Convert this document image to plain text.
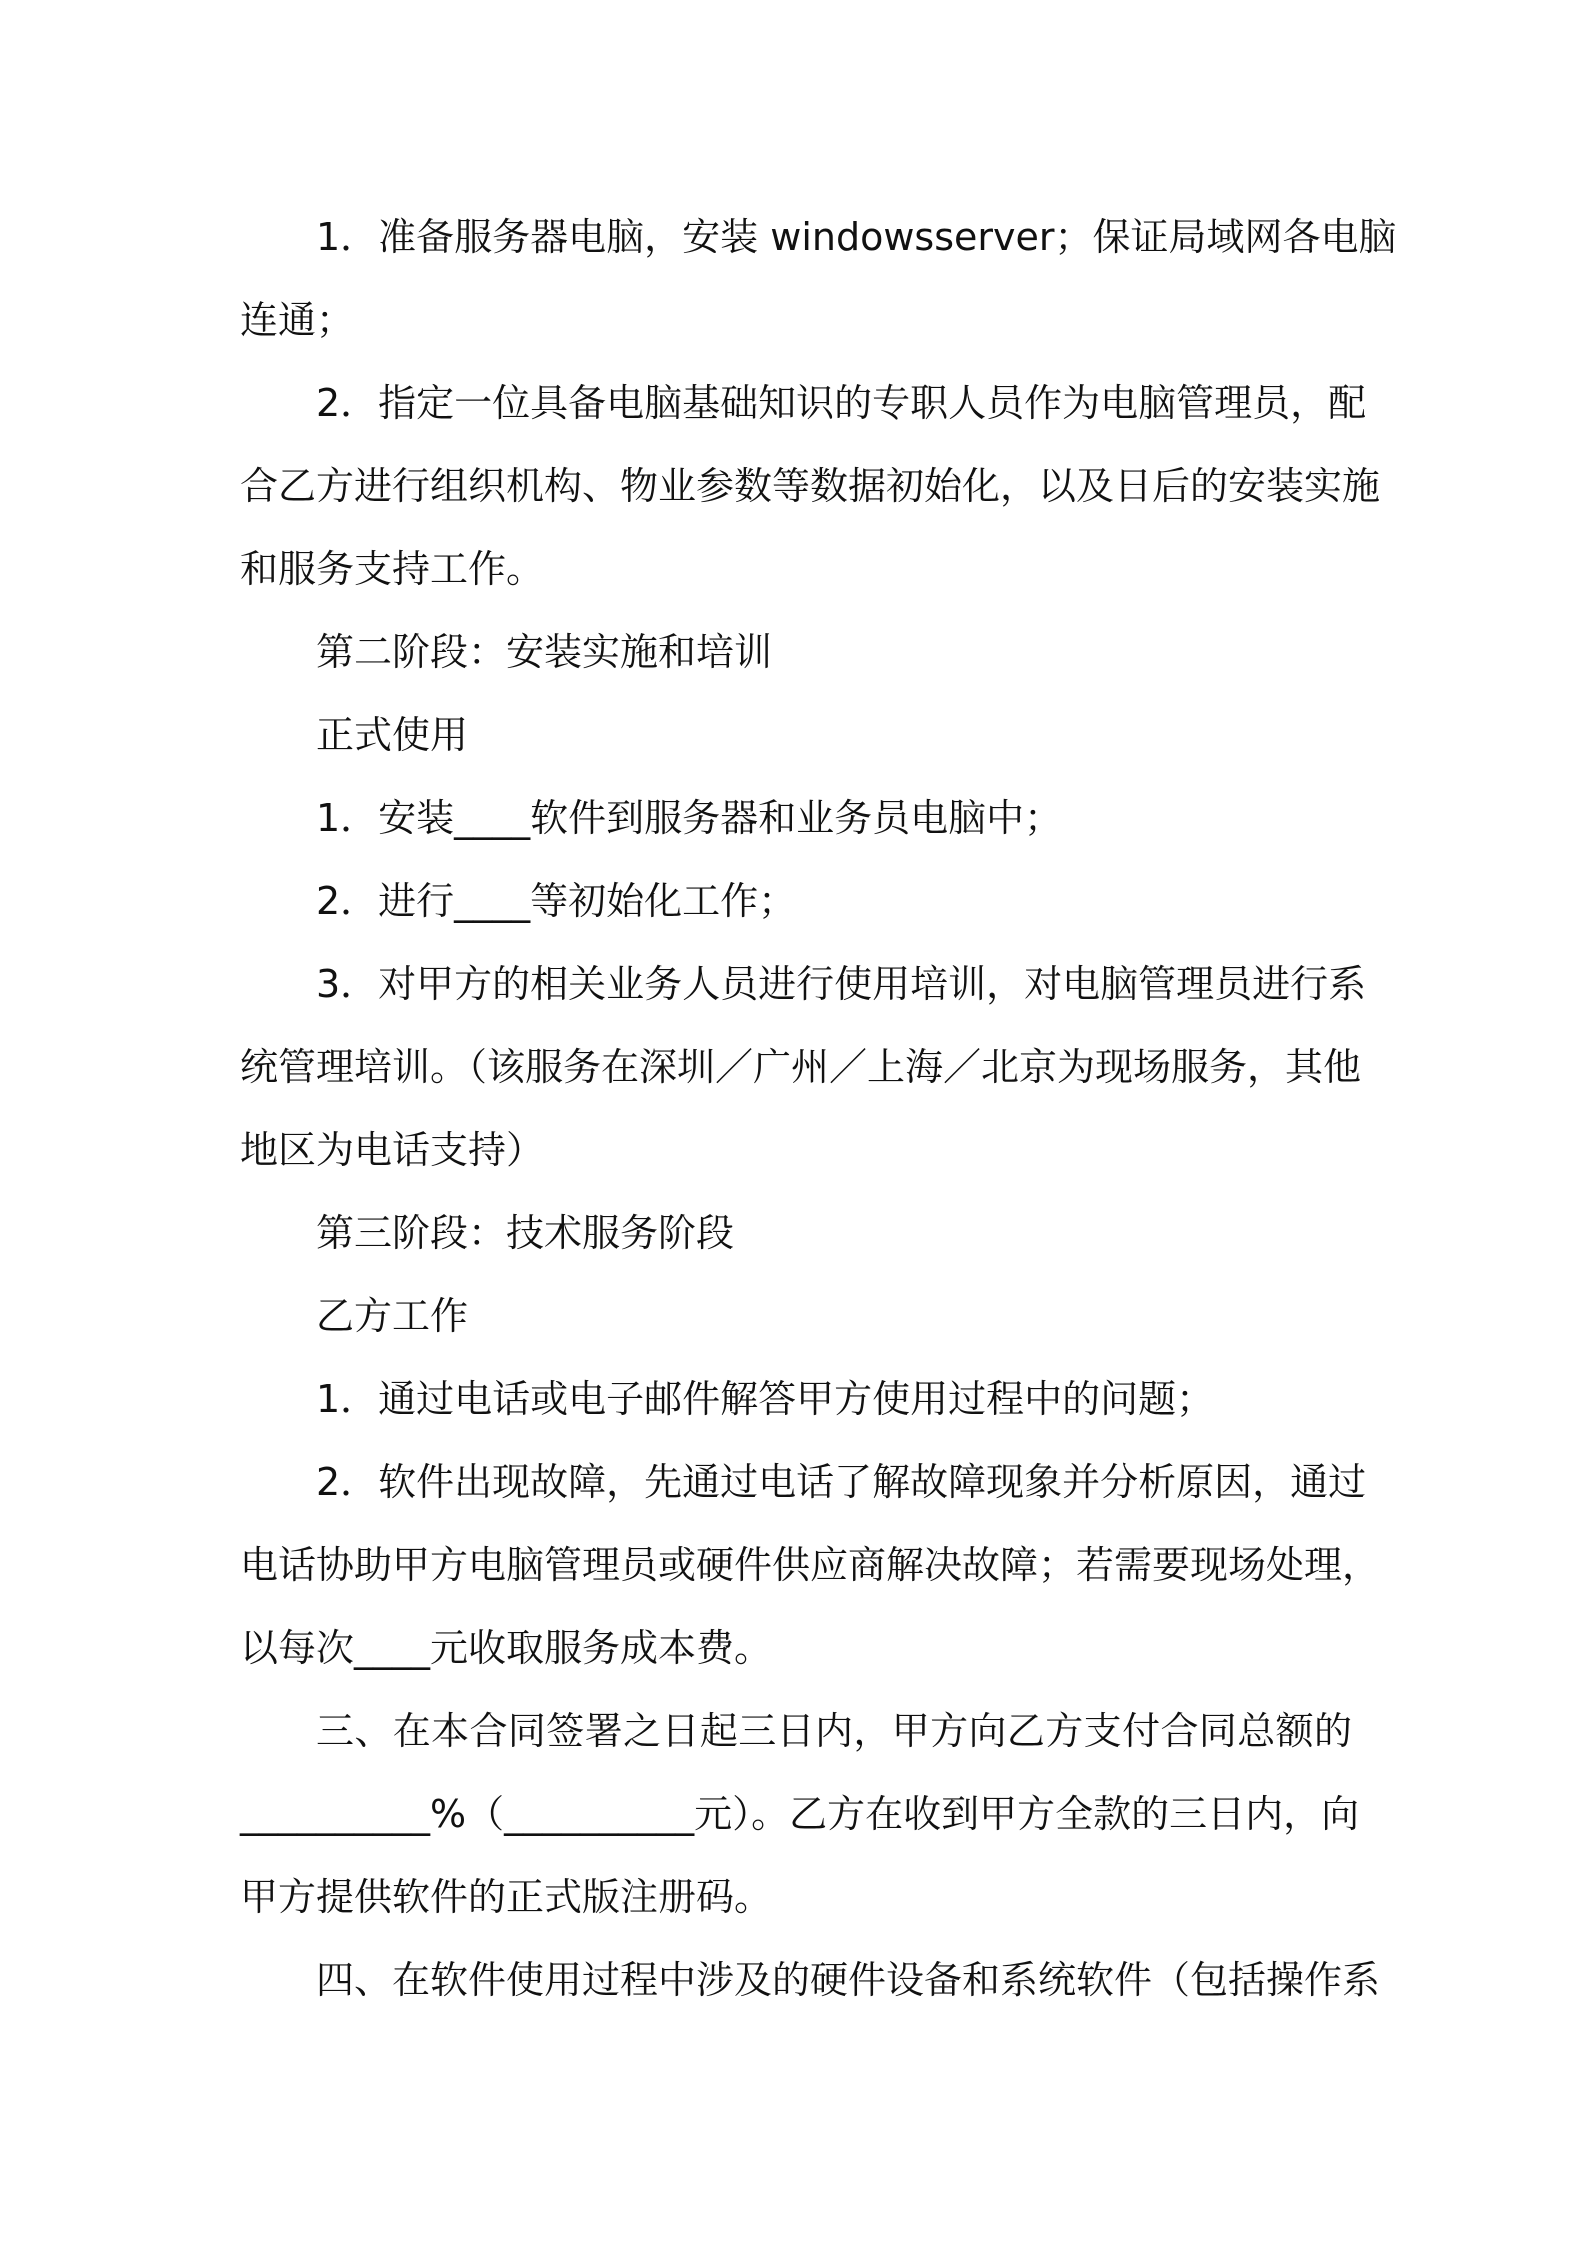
1．准备服务器电脑，安装 windowsserver；保证局域网各电脑
连通；
2．指定一位具备电脑基础知识的专职人员作为电脑管理员，配
合乙方进行组织机构、物业参数等数据初始化，以及日后的安装实施
和服务支持工作。
第二阶段：安装实施和培训
正式使用
1．安装____软件到服务器和业务员电脑中；
2．进行____等初始化工作；
3．对甲方的相关业务人员进行使用培训，对电脑管理员进行系
统管理培训。（该服务在深圳／广州／上海／北京为现场服务，其他
地区为电话支持）
第三阶段：技术服务阶段
乙方工作
1．通过电话或电子邮件解答甲方使用过程中的问题；
2．软件出现故障，先通过电话了解故障现象并分析原因，通过
电话协助甲方电脑管理员或硬件供应商解决故障；若需要现场处理，
以每次____元收取服务成本费。
三、在本合同签署之日起三日内，甲方向乙方支付合同总额的
__________%（__________元）。乙方在收到甲方全款的三日内，向
甲方提供软件的正式版注册码。
四、在软件使用过程中涉及的硬件设备和系统软件（包括操作系
